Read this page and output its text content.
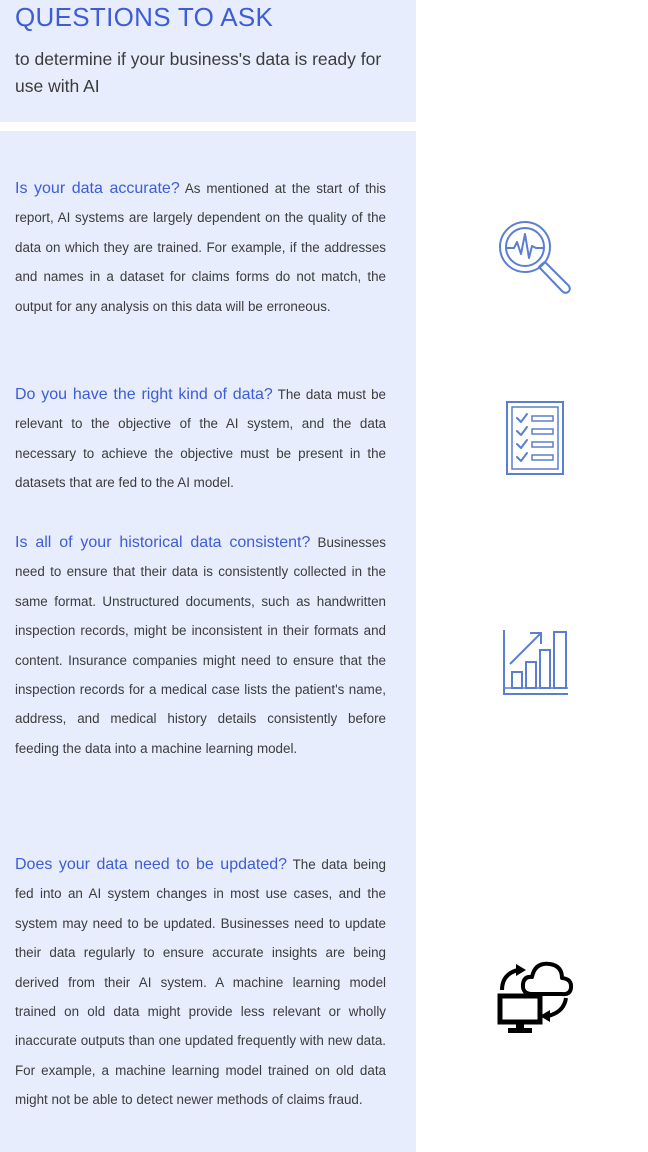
QUESTIONS TO ASK
to determine if your business's data is ready for use with AI

Is your data accurate? As mentioned at the start of this report, AI systems are largely dependent on the quality of the data on which they are trained. For example, if the addresses and names in a dataset for claims forms do not match, the output for any analysis on this data will be erroneous.

Do you have the right kind of data? The data must be relevant to the objective of the AI system, and the data necessary to achieve the objective must be present in the datasets that are fed to the AI model.

Is all of your historical data consistent? Businesses need to ensure that their data is consistently collected in the same format. Unstructured documents, such as handwritten inspection records, might be inconsistent in their formats and content. Insurance companies might need to ensure that the inspection records for a medical case lists the patient's name, address, and medical history details consistently before feeding the data into a machine learning model.

Does your data need to be updated? The data being fed into an AI system changes in most use cases, and the system may need to be updated. Businesses need to update their data regularly to ensure accurate insights are being derived from their AI system. A machine learning model trained on old data might provide less relevant or wholly inaccurate outputs than one updated frequently with new data. For example, a machine learning model trained on old data might not be able to detect newer methods of claims fraud.
